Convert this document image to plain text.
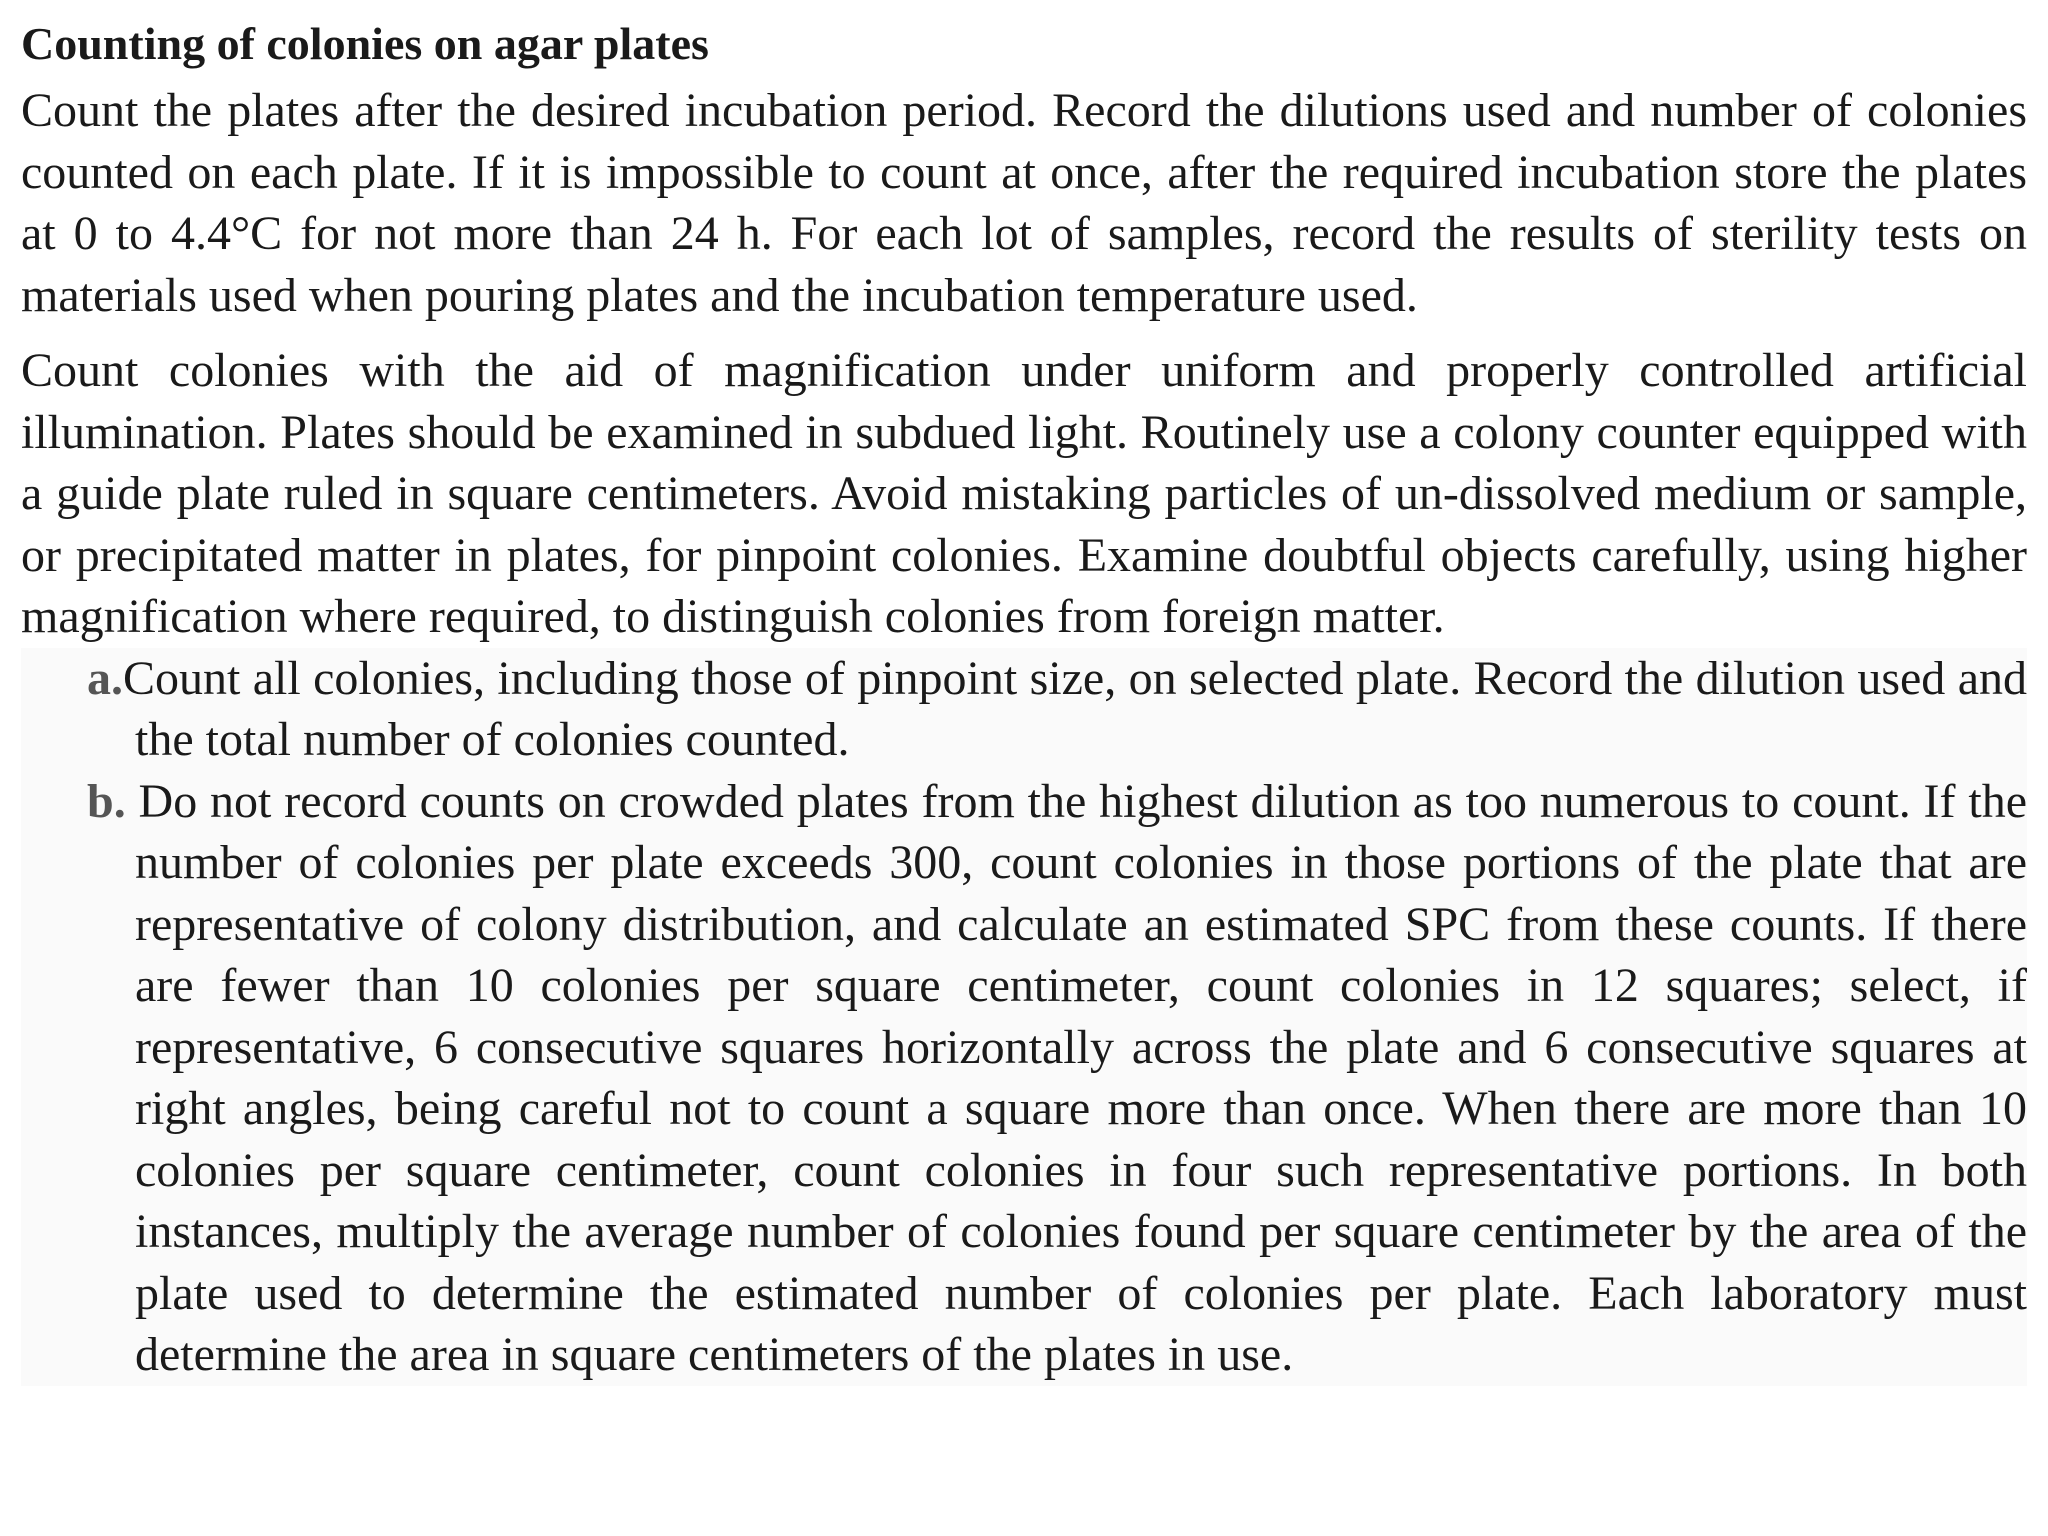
Counting of colonies on agar plates

Count the plates after the desired incubation period. Record the dilutions used and number of colonies counted on each plate. If it is impossible to count at once, after the required incubation store the plates at 0 to 4.4°C for not more than 24 h. For each lot of samples, record the results of sterility tests on materials used when pouring plates and the incubation temperature used.

Count colonies with the aid of magnification under uniform and properly controlled artificial illumination. Plates should be examined in subdued light. Routinely use a colony counter equipped with a guide plate ruled in square centimeters. Avoid mistaking particles of un-dissolved medium or sample, or precipitated matter in plates, for pinpoint colonies. Examine doubtful objects carefully, using higher magnification where required, to distinguish colonies from foreign matter.

a.Count all colonies, including those of pinpoint size, on selected plate. Record the dilution used and the total number of colonies counted.
b. Do not record counts on crowded plates from the highest dilution as too numerous to count. If the number of colonies per plate exceeds 300, count colonies in those portions of the plate that are representative of colony distribution, and calculate an estimated SPC from these counts. If there are fewer than 10 colonies per square centimeter, count colonies in 12 squares; select, if representative, 6 consecutive squares horizontally across the plate and 6 consecutive squares at right angles, being careful not to count a square more than once. When there are more than 10 colonies per square centimeter, count colonies in four such representative portions. In both instances, multiply the average number of colonies found per square centimeter by the area of the plate used to determine the estimated number of colonies per plate. Each laboratory must determine the area in square centimeters of the plates in use.
